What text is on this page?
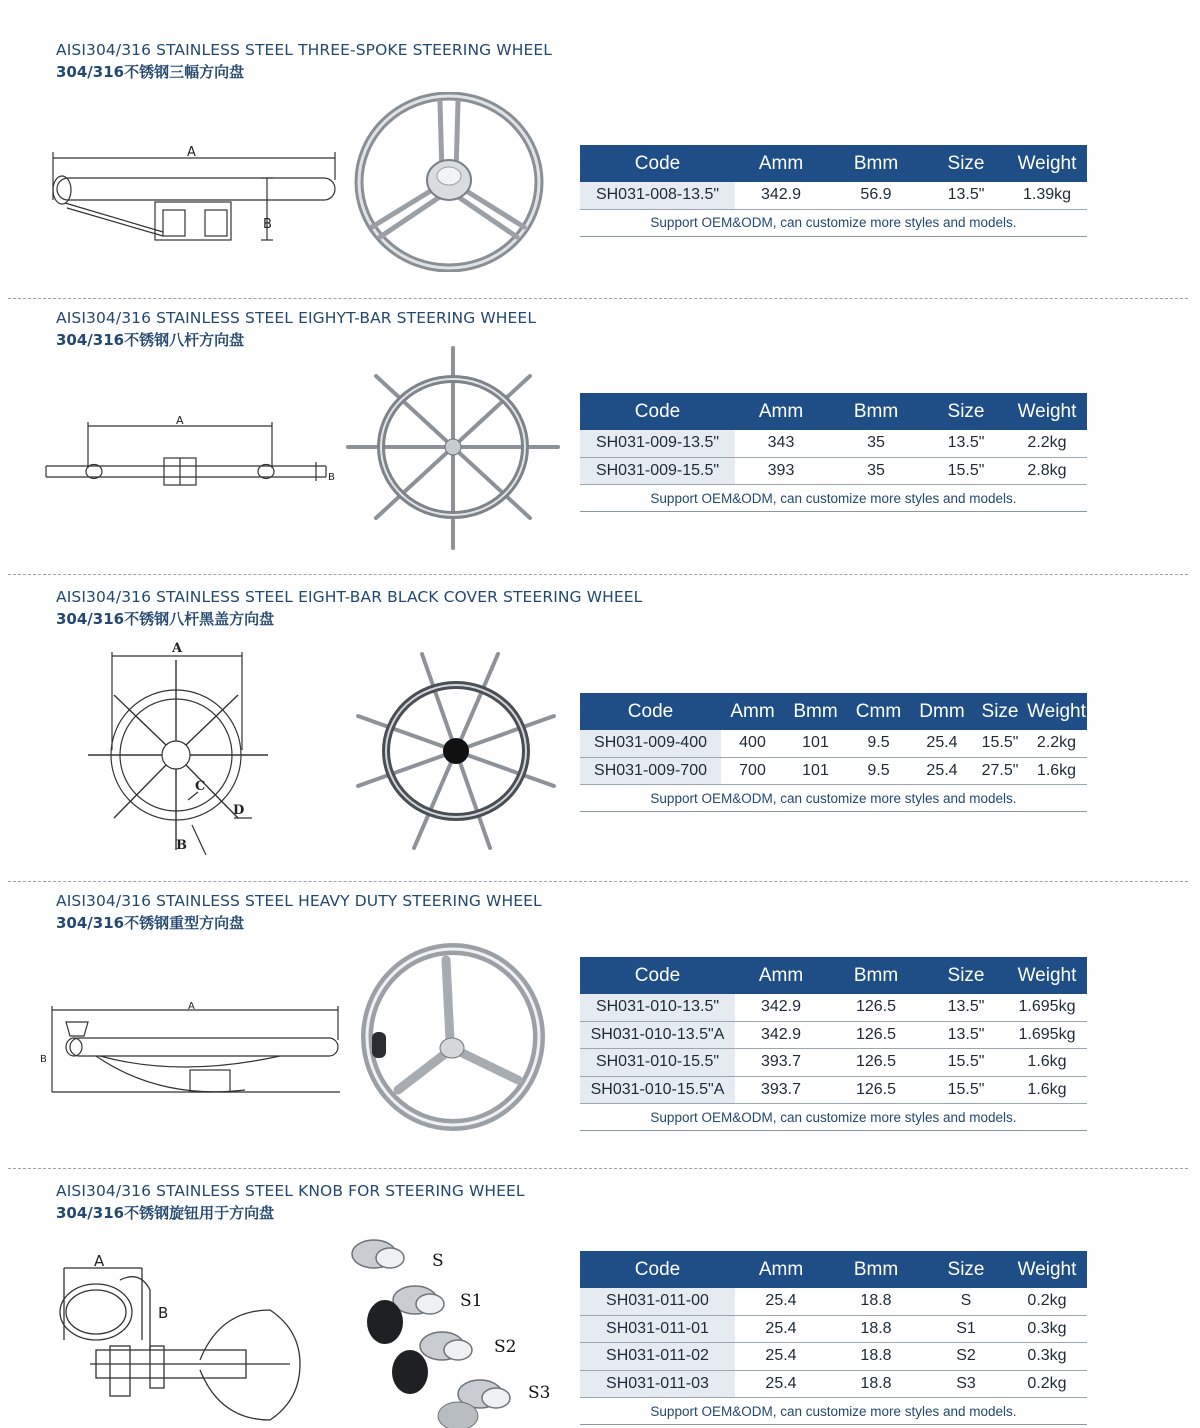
AISI304/316 STAINLESS STEEL THREE-SPOKE STEERING WHEEL
304/316不锈钢三幅方向盘
A
B
Code	Amm	Bmm	Size	Weight
SH031-008-13.5"	342.9	56.9	13.5"	1.39kg
Support OEM&ODM, can customize more styles and models.				
AISI304/316 STAINLESS STEEL EIGHYT-BAR STEERING WHEEL
304/316不锈钢八杆方向盘
A
B
Code	Amm	Bmm	Size	Weight
SH031-009-13.5"	343	35	13.5"	2.2kg
SH031-009-15.5"	393	35	15.5"	2.8kg
Support OEM&ODM, can customize more styles and models.				
AISI304/316 STAINLESS STEEL EIGHT-BAR BLACK COVER STEERING WHEEL
304/316不锈钢八杆黑盖方向盘
A
B
C
D
Code	Amm	Bmm	Cmm	Dmm	Size	Weight
SH031-009-400	400	101	9.5	25.4	15.5"	2.2kg
SH031-009-700	700	101	9.5	25.4	27.5"	1.6kg
Support OEM&ODM, can customize more styles and models.						
AISI304/316 STAINLESS STEEL HEAVY DUTY STEERING WHEEL
304/316不锈钢重型方向盘
A
B
Code	Amm	Bmm	Size	Weight
SH031-010-13.5"	342.9	126.5	13.5"	1.695kg
SH031-010-13.5"A	342.9	126.5	13.5"	1.695kg
SH031-010-15.5"	393.7	126.5	15.5"	1.6kg
SH031-010-15.5"A	393.7	126.5	15.5"	1.6kg
Support OEM&ODM, can customize more styles and models.				
AISI304/316 STAINLESS STEEL KNOB FOR STEERING WHEEL
304/316不锈钢旋钮用于方向盘
A
B
S
S1
S2
S3
Code	Amm	Bmm	Size	Weight
SH031-011-00	25.4	18.8	S	0.2kg
SH031-011-01	25.4	18.8	S1	0.3kg
SH031-011-02	25.4	18.8	S2	0.3kg
SH031-011-03	25.4	18.8	S3	0.2kg
Support OEM&ODM, can customize more styles and models.				
